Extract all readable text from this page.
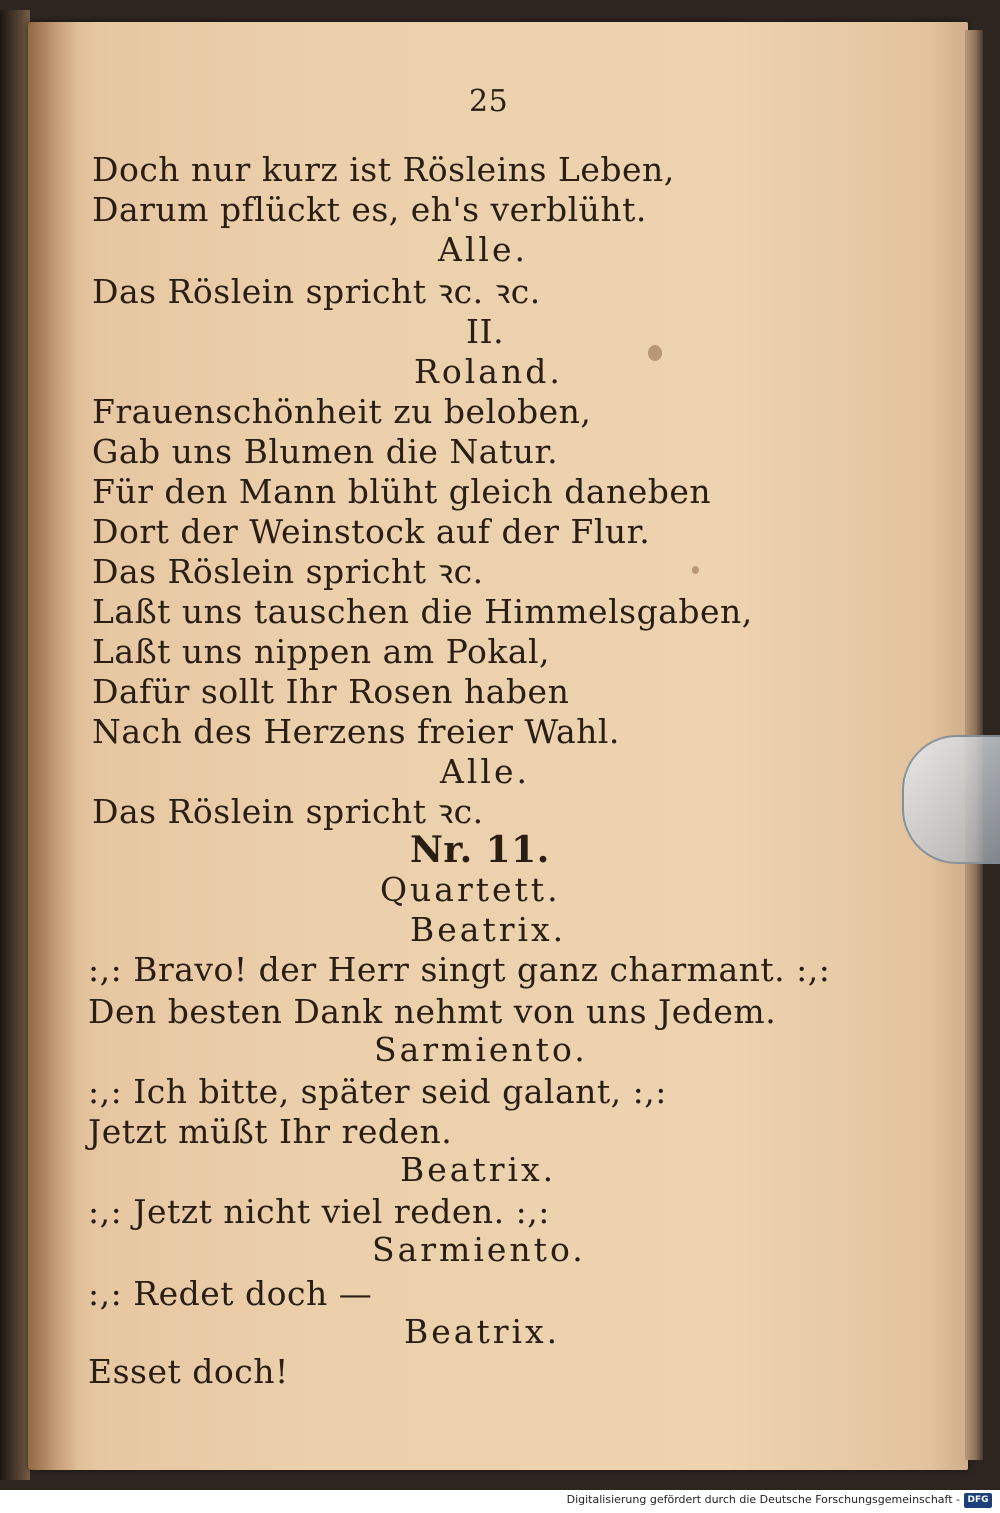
25
Doch nur kurz ist Rösleins Leben,
Darum pflückt es, eh's verblüht.
Alle.
Das Röslein spricht ꝛc. ꝛc.
II.
Roland.
Frauenschönheit zu beloben,
Gab uns Blumen die Natur.
Für den Mann blüht gleich daneben
Dort der Weinstock auf der Flur.
Das Röslein spricht ꝛc.
Laßt uns tauschen die Himmelsgaben,
Laßt uns nippen am Pokal,
Dafür sollt Ihr Rosen haben
Nach des Herzens freier Wahl.
Alle.
Das Röslein spricht ꝛc.
Nr. 11.
Quartett.
Beatrix.
:,: Bravo! der Herr singt ganz charmant. :,:
Den besten Dank nehmt von uns Jedem.
Sarmiento.
:,: Ich bitte, später seid galant, :,:
Jetzt müßt Ihr reden.
Beatrix.
:,: Jetzt nicht viel reden. :,:
Sarmiento.
:,: Redet doch —
Beatrix.
Esset doch!
Digitalisierung gefördert durch die Deutsche Forschungsgemeinschaft - DFG
